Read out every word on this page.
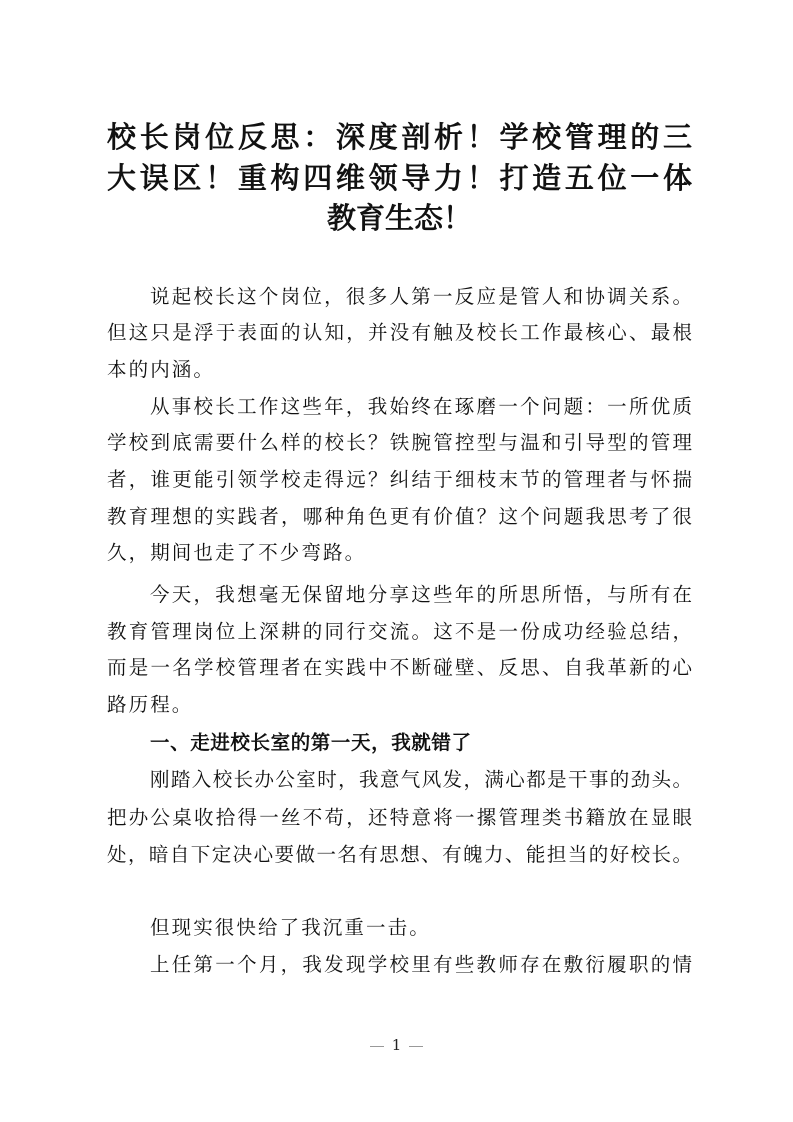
校长岗位反思：深度剖析！学校管理的三
大误区！重构四维领导力！打造五位一体
教育生态！
说起校长这个岗位，很多人第一反应是管人和协调关系。
但这只是浮于表面的认知，并没有触及校长工作最核心、最根
本的内涵。
从事校长工作这些年，我始终在琢磨一个问题：一所优质
学校到底需要什么样的校长？铁腕管控型与温和引导型的管理
者，谁更能引领学校走得远？纠结于细枝末节的管理者与怀揣
教育理想的实践者，哪种角色更有价值？这个问题我思考了很
久，期间也走了不少弯路。
今天，我想毫无保留地分享这些年的所思所悟，与所有在
教育管理岗位上深耕的同行交流。这不是一份成功经验总结，
而是一名学校管理者在实践中不断碰壁、反思、自我革新的心
路历程。
一、走进校长室的第一天，我就错了
刚踏入校长办公室时，我意气风发，满心都是干事的劲头。
把办公桌收拾得一丝不苟，还特意将一摞管理类书籍放在显眼
处，暗自下定决心要做一名有思想、有魄力、能担当的好校长。
但现实很快给了我沉重一击。
上任第一个月，我发现学校里有些教师存在敷衍履职的情
1
